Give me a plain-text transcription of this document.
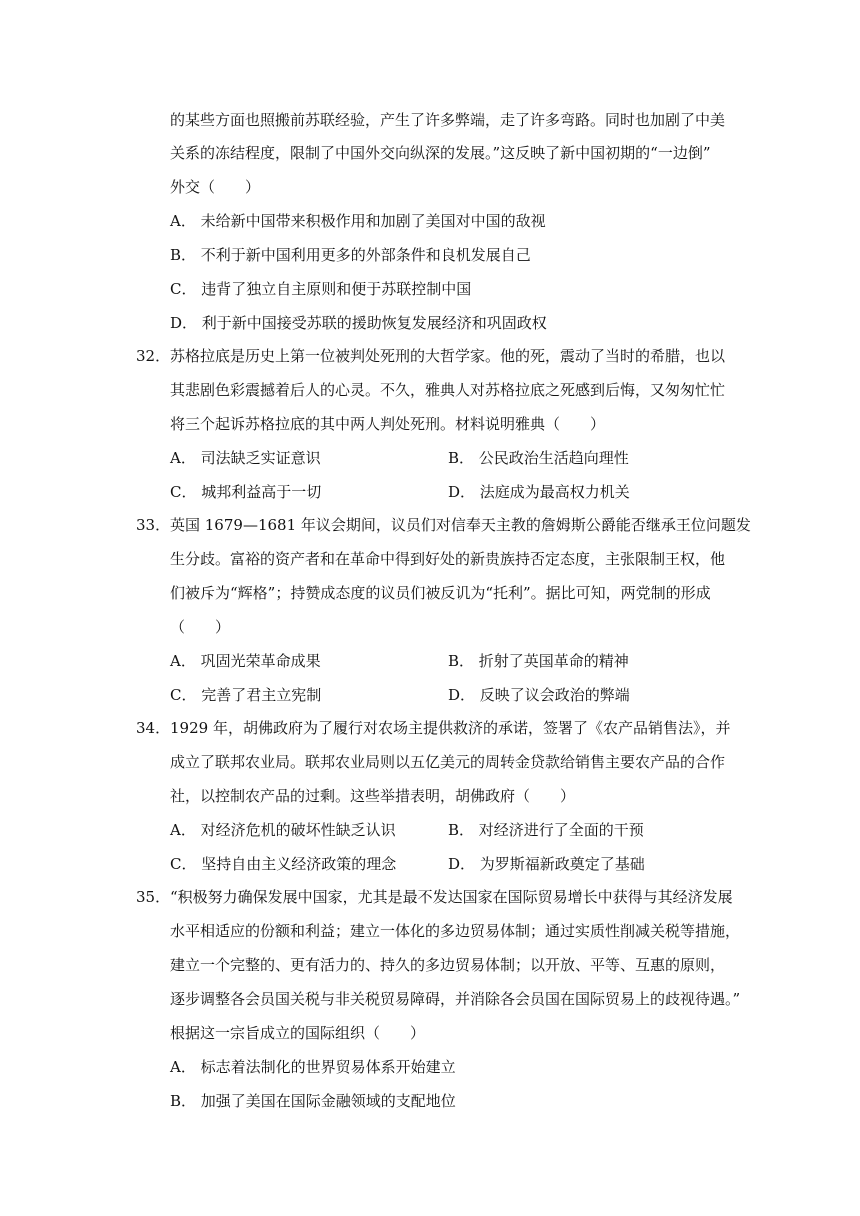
的某些方面也照搬前苏联经验，产生了许多弊端，走了许多弯路。同时也加剧了中美
关系的冻结程度，限制了中国外交向纵深的发展。”这反映了新中国初期的“一边倒”
外交（　　）
A． 未给新中国带来积极作用和加剧了美国对中国的敌视
B． 不利于新中国利用更多的外部条件和良机发展自己
C． 违背了独立自主原则和便于苏联控制中国
D． 利于新中国接受苏联的援助恢复发展经济和巩固政权
32． 苏格拉底是历史上第一位被判处死刑的大哲学家。他的死，震动了当时的希腊，也以
其悲剧色彩震撼着后人的心灵。不久，雅典人对苏格拉底之死感到后悔，又匆匆忙忙
将三个起诉苏格拉底的其中两人判处死刑。材料说明雅典（　　）
A． 司法缺乏实证意识	B． 公民政治生活趋向理性
C． 城邦利益高于一切	D． 法庭成为最高权力机关
33． 英国 1679—1681 年议会期间，议员们对信奉天主教的詹姆斯公爵能否继承王位问题发
生分歧。富裕的资产者和在革命中得到好处的新贵族持否定态度，主张限制王权，他
们被斥为“辉格”；持赞成态度的议员们被反讥为“托利”。据比可知，两党制的形成
（　　）
A． 巩固光荣革命成果	B． 折射了英国革命的精神
C． 完善了君主立宪制	D． 反映了议会政治的弊端
34． 1929 年，胡佛政府为了履行对农场主提供救济的承诺，签署了《农产品销售法》，并
成立了联邦农业局。联邦农业局则以五亿美元的周转金贷款给销售主要农产品的合作
社，以控制农产品的过剩。这些举措表明，胡佛政府（　　）
A． 对经济危机的破坏性缺乏认识	B． 对经济进行了全面的干预
C． 坚持自由主义经济政策的理念	D． 为罗斯福新政奠定了基础
35． “积极努力确保发展中国家，尤其是最不发达国家在国际贸易增长中获得与其经济发展
水平相适应的份额和利益；建立一体化的多边贸易体制；通过实质性削减关税等措施，
建立一个完整的、更有活力的、持久的多边贸易体制；以开放、平等、互惠的原则，
逐步调整各会员国关税与非关税贸易障碍，并消除各会员国在国际贸易上的歧视待遇。”
根据这一宗旨成立的国际组织（　　）
A． 标志着法制化的世界贸易体系开始建立
B． 加强了美国在国际金融领域的支配地位
